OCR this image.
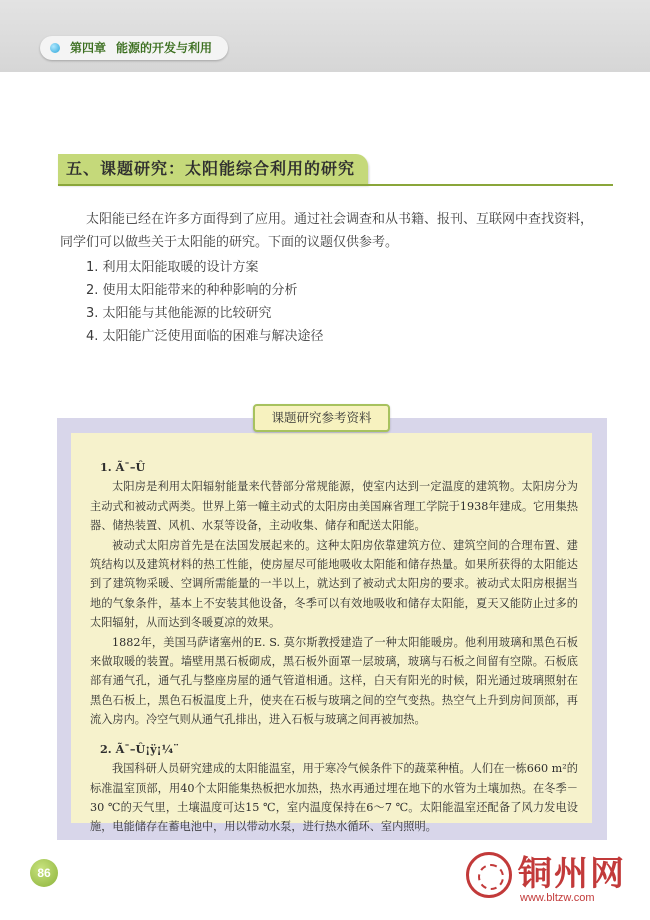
第四章 能源的开发与利用
五、课题研究：太阳能综合利用的研究

太阳能已经在许多方面得到了应用。通过社会调查和从书籍、报刊、互联网中查找资料，同学们可以做些关于太阳能的研究。下面的议题仅供参考。

1. 利用太阳能取暖的设计方案
2. 使用太阳能带来的种种影响的分析
3. 太阳能与其他能源的比较研究
4. 太阳能广泛使用面临的困难与解决途径
课题研究参考资料

1. Ã¯–Û

太阳房是利用太阳辐射能量来代替部分常规能源，使室内达到一定温度的建筑物。太阳房分为主动式和被动式两类。世界上第一幢主动式的太阳房由美国麻省理工学院于1938年建成。它用集热器、储热装置、风机、水泵等设备，主动收集、储存和配送太阳能。

被动式太阳房首先是在法国发展起来的。这种太阳房依靠建筑方位、建筑空间的合理布置、建筑结构以及建筑材料的热工性能，使房屋尽可能地吸收太阳能和储存热量。如果所获得的太阳能达到了建筑物采暖、空调所需能量的一半以上，就达到了被动式太阳房的要求。被动式太阳房根据当地的气象条件，基本上不安装其他设备，冬季可以有效地吸收和储存太阳能，夏天又能防止过多的太阳辐射，从而达到冬暖夏凉的效果。

1882年，美国马萨诸塞州的E. S. 莫尔斯教授建造了一种太阳能暖房。他利用玻璃和黑色石板来做取暖的装置。墙壁用黑石板砌成，黑石板外面罩一层玻璃，玻璃与石板之间留有空隙。石板底部有通气孔，通气孔与整座房屋的通气管道相通。这样，白天有阳光的时候，阳光通过玻璃照射在黑色石板上，黑色石板温度上升，使夹在石板与玻璃之间的空气变热。热空气上升到房间顶部，再流入房内。冷空气则从通气孔排出，进入石板与玻璃之间再被加热。

2. Ã¯–Û¡ÿ¡¼¨

我国科研人员研究建成的太阳能温室，用于寒冷气候条件下的蔬菜种植。人们在一栋660 m²的标准温室顶部，用40个太阳能集热板把水加热，热水再通过埋在地下的水管为土壤加热。在冬季－30 ℃的天气里，土壤温度可达15 ℃，室内温度保持在6～7 ℃。太阳能温室还配备了风力发电设施，电能储存在蓄电池中，用以带动水泵，进行热水循环、室内照明。

86	铜州网
www.bltzw.com
